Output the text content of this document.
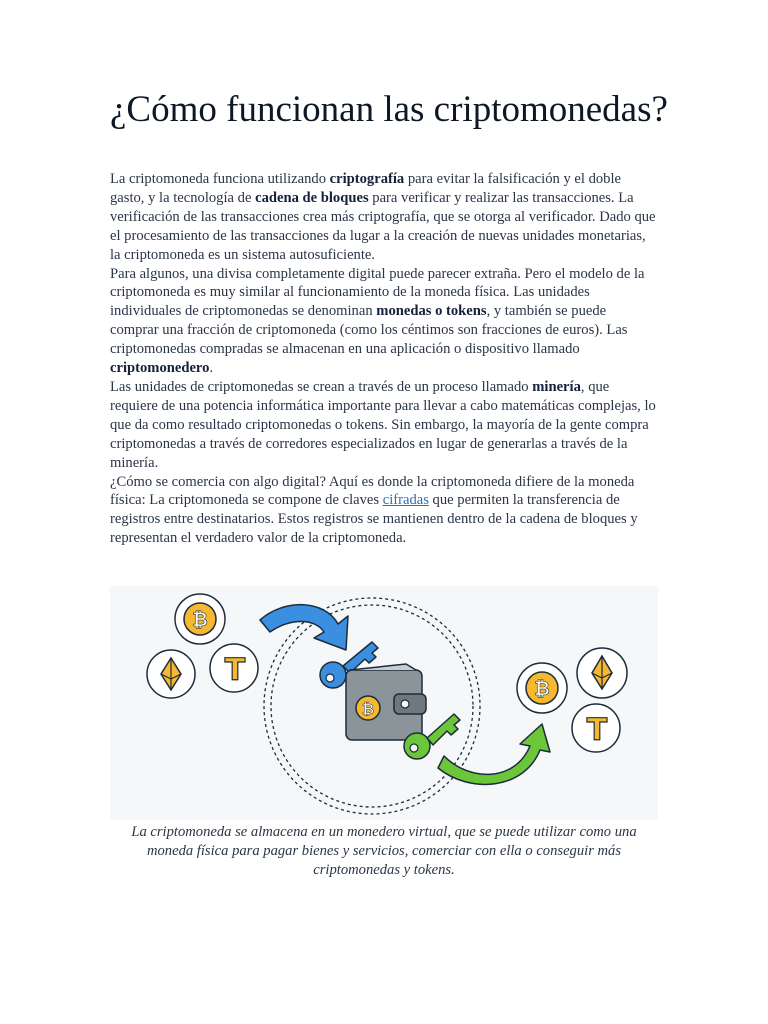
¿Cómo funcionan las criptomonedas?

La criptomoneda funciona utilizando criptografía para evitar la falsificación y el doble gasto, y la tecnología de cadena de bloques para verificar y realizar las transacciones. La verificación de las transacciones crea más criptografía, que se otorga al verificador. Dado que el procesamiento de las transacciones da lugar a la creación de nuevas unidades monetarias, la criptomoneda es un sistema autosuficiente.

Para algunos, una divisa completamente digital puede parecer extraña. Pero el modelo de la criptomoneda es muy similar al funcionamiento de la moneda física. Las unidades individuales de criptomonedas se denominan monedas o tokens, y también se puede comprar una fracción de criptomoneda (como los céntimos son fracciones de euros). Las criptomonedas compradas se almacenan en una aplicación o dispositivo llamado criptomonedero.

Las unidades de criptomonedas se crean a través de un proceso llamado minería, que requiere de una potencia informática importante para llevar a cabo matemáticas complejas, lo que da como resultado criptomonedas o tokens. Sin embargo, la mayoría de la gente compra criptomonedas a través de corredores especializados en lugar de generarlas a través de la minería.

¿Cómo se comercia con algo digital? Aquí es donde la criptomoneda difiere de la moneda física: La criptomoneda se compone de claves cifradas que permiten la transferencia de registros entre destinatarios. Estos registros se mantienen dentro de la cadena de bloques y representan el verdadero valor de la criptomoneda.

₿
T
₿
T
₿
La criptomoneda se almacena en un monedero virtual, que se puede utilizar como una moneda física para pagar bienes y servicios, comerciar con ella o conseguir más criptomonedas y tokens.
